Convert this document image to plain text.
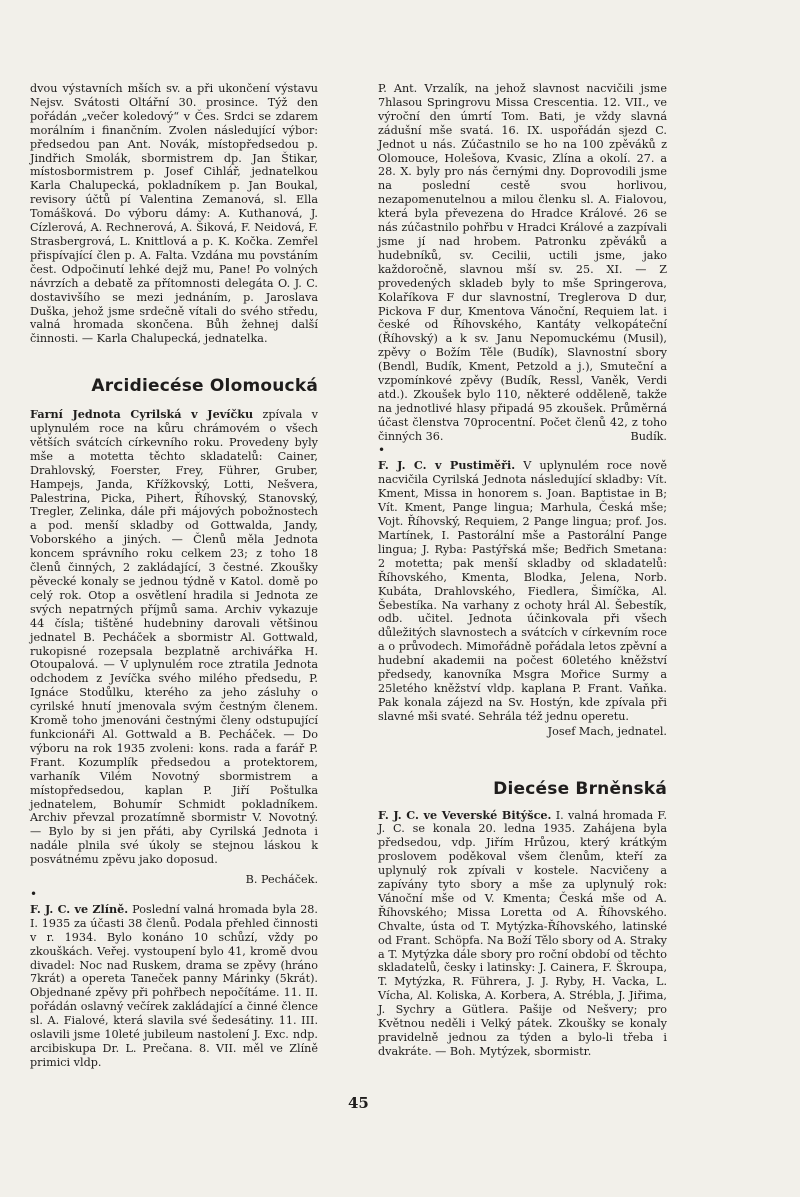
dvou výstavních mších sv. a při ukončení výstavu Nejsv. Svátosti Oltářní 30. prosince. Týž den pořádán „večer koledový“ v Čes. Srdci se zdarem morálním i finančním. Zvolen následující výbor: předsedou pan Ant. Novák, místopředsedou p. Jindřich Smolák, sbormistrem dp. Jan Štikar, místosbormistrem p. Josef Cihlář, jednatelkou Karla Chalupecká, pokladníkem p. Jan Boukal, revisory účtů pí Valentina Zemanová, sl. Ella Tomášková. Do výboru dámy: A. Kuthanová, J. Cízlerová, A. Rechnerová, A. Šiková, F. Neidová, F. Strasbergrová, L. Knittlová a p. K. Kočka. Zemřel přispívající člen p. A. Falta. Vzdána mu povstáním čest. Odpočinutí lehké dejž mu, Pane! Po volných návrzích a debatě za přítomnosti delegáta O. J. C. dostavivšího se mezi jednáním, p. Jaroslava Duška, jehož jsme srdečně vítali do svého středu, valná hromada skončena. Bůh žehnej další činnosti. — Karla Chalupecká, jednatelka.

Arcidiecése Olomoucká

Farní Jednota Cyrilská v Jevíčku zpívala v uplynulém roce na kůru chrámovém o všech větších svátcích církevního roku. Provedeny byly mše a motetta těchto skladatelů: Cainer, Drahlovský, Foerster, Frey, Führer, Gruber, Hampejs, Janda, Křížkovský, Lotti, Nešvera, Palestrina, Picka, Pihert, Říhovský, Stanovský, Tregler, Zelinka, dále při májových pobožnostech a pod. menší skladby od Gottwalda, Jandy, Voborského a jiných. — Členů měla Jednota koncem správního roku celkem 23; z toho 18 členů činných, 2 zakládající, 3 čestné. Zkoušky pěvecké konaly se jednou týdně v Katol. domě po celý rok. Otop a osvětlení hradila si Jednota ze svých nepatrných příjmů sama. Archiv vykazuje 44 čísla; tištěné hudebniny darovali většinou jednatel B. Pecháček a sbormistr Al. Gottwald, rukopisné rozepsala bezplatně archivářka H. Otoupalová. — V uplynulém roce ztratila Jednota odchodem z Jevíčka svého milého předsedu, P. Ignáce Stodůlku, kterého za jeho zásluhy o cyrilské hnutí jmenovala svým čestným členem. Kromě toho jmenováni čestnými členy odstupující funkcionáři Al. Gottwald a B. Pecháček. — Do výboru na rok 1935 zvoleni: kons. rada a farář P. Frant. Kozumplík předsedou a protektorem, varhaník Vilém Novotný sbormistrem a místopředsedou, kaplan P. Jiří Poštulka jednatelem, Bohumír Schmidt pokladníkem. Archiv převzal prozatímně sbormistr V. Novotný. — Bylo by si jen přáti, aby Cyrilská Jednota i nadále plnila své úkoly se stejnou láskou k posvátnému zpěvu jako doposud.

B. Pecháček.

•

F. J. C. ve Zlíně. Poslední valná hromada byla 28. I. 1935 za účasti 38 členů. Podala přehled činnosti v r. 1934. Bylo konáno 10 schůzí, vždy po zkouškách. Veřej. vystoupení bylo 41, kromě dvou divadel: Noc nad Ruskem, drama se zpěvy (hráno 7krát) a opereta Taneček panny Márinky (5krát). Objednané zpěvy při pohřbech nepočítáme. 11. II. pořádán oslavný večírek zakládající a činné člence sl. A. Fialové, která slavila své šedesátiny. 11. III. oslavili jsme 10leté jubileum nastolení J. Exc. ndp. arcibiskupa Dr. L. Prečana. 8. VII. měl ve Zlíně primici vldp.

P. Ant. Vrzalík, na jehož slavnost nacvičili jsme 7hlasou Springrovu Missa Crescentia. 12. VII., ve výroční den úmrtí Tom. Bati, je vždy slavná zádušní mše svatá. 16. IX. uspořádán sjezd C. Jednot u nás. Zúčastnilo se ho na 100 zpěváků z Olomouce, Holešova, Kvasic, Zlína a okolí. 27. a 28. X. byly pro nás černými dny. Doprovodili jsme na poslední cestě svou horlivou, nezapomenutelnou a milou členku sl. A. Fialovou, která byla převezena do Hradce Králové. 26 se nás zúčastnilo pohřbu v Hradci Králové a zazpívali jsme jí nad hrobem. Patronku zpěváků a hudebníků, sv. Cecilii, uctili jsme, jako každoročně, slavnou mší sv. 25. XI. — Z provedených skladeb byly to mše Springerova, Kolaříkova F dur slavnostní, Treglerova D dur, Pickova F dur, Kmentova Vánoční, Requiem lat. i české od Říhovského, Kantáty velkopáteční (Říhovský) a k sv. Janu Nepomuckému (Musil), zpěvy o Božím Těle (Budík), Slavnostní sbory (Bendl, Budík, Kment, Petzold a j.), Smuteční a vzpomínkové zpěvy (Budík, Ressl, Vaněk, Verdi atd.). Zkoušek bylo 110, některé odděleně, takže na jednotlivé hlasy připadá 95 zkoušek. Průměrná účast členstva 70procentní. Počet členů 42, z toho činných 36.	Budík.

•

F. J. C. v Pustiměři. V uplynulém roce nově nacvičila Cyrilská Jednota následující skladby: Vít. Kment, Missa in honorem s. Joan. Baptistae in B; Vít. Kment, Pange lingua; Marhula, Česká mše; Vojt. Říhovský, Requiem, 2 Pange lingua; prof. Jos. Martínek, I. Pastorální mše a Pastorální Pange lingua; J. Ryba: Pastýřská mše; Bedřich Smetana: 2 motetta; pak menší skladby od skladatelů: Říhovského, Kmenta, Blodka, Jelena, Norb. Kubáta, Drahlovského, Fiedlera, Šimíčka, Al. Šebestíka. Na varhany z ochoty hrál Al. Šebestík, odb. učitel. Jednota účinkovala při všech důležitých slavnostech a svátcích v církevním roce a o průvodech. Mimořádně pořádala letos zpěvní a hudební akademii na počest 60letého kněžství předsedy, kanovníka Msgra Mořice Surmy a 25letého kněžství vldp. kaplana P. Frant. Vaňka. Pak konala zájezd na Sv. Hostýn, kde zpívala při slavné mši svaté. Sehrála též jednu operetu.

Josef Mach, jednatel.

Diecése Brněnská

F. J. C. ve Veverské Bitýšce. I. valná hromada F. J. C. se konala 20. ledna 1935. Zahájena byla předsedou, vdp. Jiřím Hrůzou, který krátkým proslovem poděkoval všem členům, kteří za uplynulý rok zpívali v kostele. Nacvičeny a zapívány tyto sbory a mše za uplynulý rok: Vánoční mše od V. Kmenta; Česká mše od A. Říhovského; Missa Loretta od A. Říhovského. Chvalte, ústa od T. Mytýzka-Říhovského, latinské od Frant. Schöpfa. Na Boží Tělo sbory od A. Straky a T. Mytýzka dále sbory pro roční období od těchto skladatelů, česky i latinsky: J. Cainera, F. Škroupa, T. Mytýzka, R. Führera, J. J. Ryby, H. Vacka, L. Vícha, Al. Koliska, A. Korbera, A. Strébla, J. Jiřima, J. Sychry a Gütlera. Pašije od Nešvery; pro Květnou neděli i Velký pátek. Zkoušky se konaly pravidelně jednou za týden a bylo-li třeba i dvakráte. — Boh. Mytýzek, sbormistr.

45
